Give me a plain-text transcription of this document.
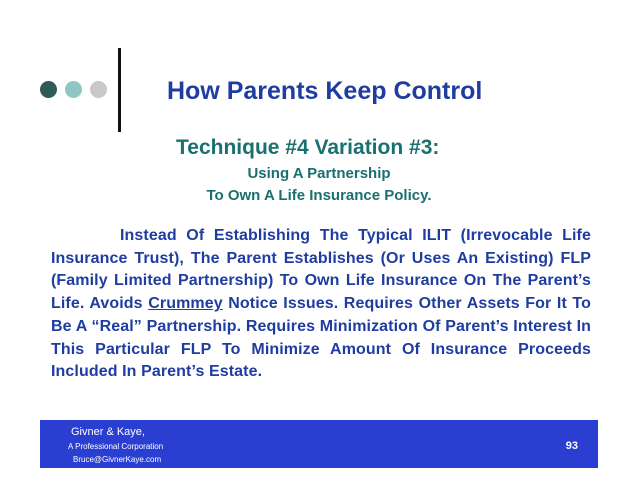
How Parents Keep Control
Technique #4 Variation #3:
Using A Partnership
To Own A Life Insurance Policy.
Instead Of Establishing The Typical ILIT (Irrevocable Life Insurance Trust), The Parent Establishes (Or Uses An Existing) FLP (Family Limited Partnership) To Own Life Insurance On The Parent’s Life. Avoids Crummey Notice Issues. Requires Other Assets For It To Be A “Real” Partnership. Requires Minimization Of Parent’s Interest In This Particular FLP To Minimize Amount Of Insurance Proceeds Included In Parent’s Estate.
Givner & Kaye,
A Professional Corporation
Bruce@GivnerKaye.com
93
